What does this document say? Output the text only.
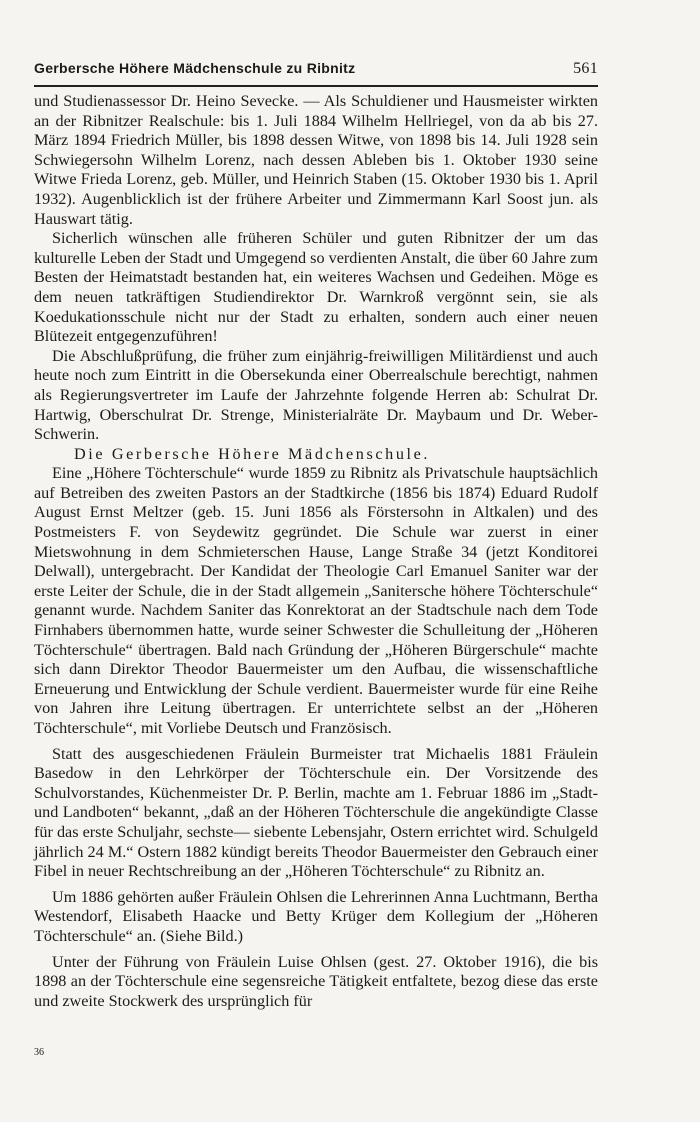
Gerbersche Höhere Mädchenschule zu Ribnitz	561

und Studienassessor Dr. Heino Sevecke. — Als Schuldiener und Hausmeister wirkten an der Ribnitzer Realschule: bis 1. Juli 1884 Wilhelm Hellriegel, von da ab bis 27. März 1894 Friedrich Müller, bis 1898 dessen Witwe, von 1898 bis 14. Juli 1928 sein Schwiegersohn Wilhelm Lorenz, nach dessen Ableben bis 1. Oktober 1930 seine Witwe Frieda Lorenz, geb. Müller, und Heinrich Staben (15. Oktober 1930 bis 1. April 1932). Augenblicklich ist der frühere Arbeiter und Zimmermann Karl Soost jun. als Hauswart tätig.

Sicherlich wünschen alle früheren Schüler und guten Ribnitzer der um das kulturelle Leben der Stadt und Umgegend so verdienten Anstalt, die über 60 Jahre zum Besten der Heimatstadt bestanden hat, ein weiteres Wachsen und Gedeihen. Möge es dem neuen tatkräftigen Studiendirektor Dr. Warnkroß vergönnt sein, sie als Koedukationsschule nicht nur der Stadt zu erhalten, sondern auch einer neuen Blütezeit entgegenzuführen!

Die Abschlußprüfung, die früher zum einjährig-freiwilligen Militärdienst und auch heute noch zum Eintritt in die Obersekunda einer Oberrealschule berechtigt, nahmen als Regierungsvertreter im Laufe der Jahrzehnte folgende Herren ab: Schulrat Dr. Hartwig, Oberschulrat Dr. Strenge, Ministerialräte Dr. Maybaum und Dr. Weber-Schwerin.

Die Gerbersche Höhere Mädchenschule.

Eine „Höhere Töchterschule“ wurde 1859 zu Ribnitz als Privatschule hauptsächlich auf Betreiben des zweiten Pastors an der Stadtkirche (1856 bis 1874) Eduard Rudolf August Ernst Meltzer (geb. 15. Juni 1856 als Förstersohn in Altkalen) und des Postmeisters F. von Seydewitz gegründet. Die Schule war zuerst in einer Mietswohnung in dem Schmieterschen Hause, Lange Straße 34 (jetzt Konditorei Delwall), untergebracht. Der Kandidat der Theologie Carl Emanuel Saniter war der erste Leiter der Schule, die in der Stadt allgemein „Sanitersche höhere Töchterschule“ genannt wurde. Nachdem Saniter das Konrektorat an der Stadtschule nach dem Tode Firnhabers übernommen hatte, wurde seiner Schwester die Schulleitung der „Höheren Töchterschule“ übertragen. Bald nach Gründung der „Höheren Bürgerschule“ machte sich dann Direktor Theodor Bauermeister um den Aufbau, die wissenschaftliche Erneuerung und Entwicklung der Schule verdient. Bauermeister wurde für eine Reihe von Jahren ihre Leitung übertragen. Er unterrichtete selbst an der „Höheren Töchterschule“, mit Vorliebe Deutsch und Französisch.

Statt des ausgeschiedenen Fräulein Burmeister trat Michaelis 1881 Fräulein Basedow in den Lehrkörper der Töchterschule ein. Der Vorsitzende des Schulvorstandes, Küchenmeister Dr. P. Berlin, machte am 1. Februar 1886 im „Stadt- und Landboten“ bekannt, „daß an der Höheren Töchterschule die angekündigte Classe für das erste Schuljahr, sechste— siebente Lebensjahr, Ostern errichtet wird. Schulgeld jährlich 24 M.“ Ostern 1882 kündigt bereits Theodor Bauermeister den Gebrauch einer Fibel in neuer Rechtschreibung an der „Höheren Töchterschule“ zu Ribnitz an.

Um 1886 gehörten außer Fräulein Ohlsen die Lehrerinnen Anna Luchtmann, Bertha Westendorf, Elisabeth Haacke und Betty Krüger dem Kollegium der „Höheren Töchterschule“ an. (Siehe Bild.)

Unter der Führung von Fräulein Luise Ohlsen (gest. 27. Oktober 1916), die bis 1898 an der Töchterschule eine segensreiche Tätigkeit entfaltete, bezog diese das erste und zweite Stockwerk des ursprünglich für

36
